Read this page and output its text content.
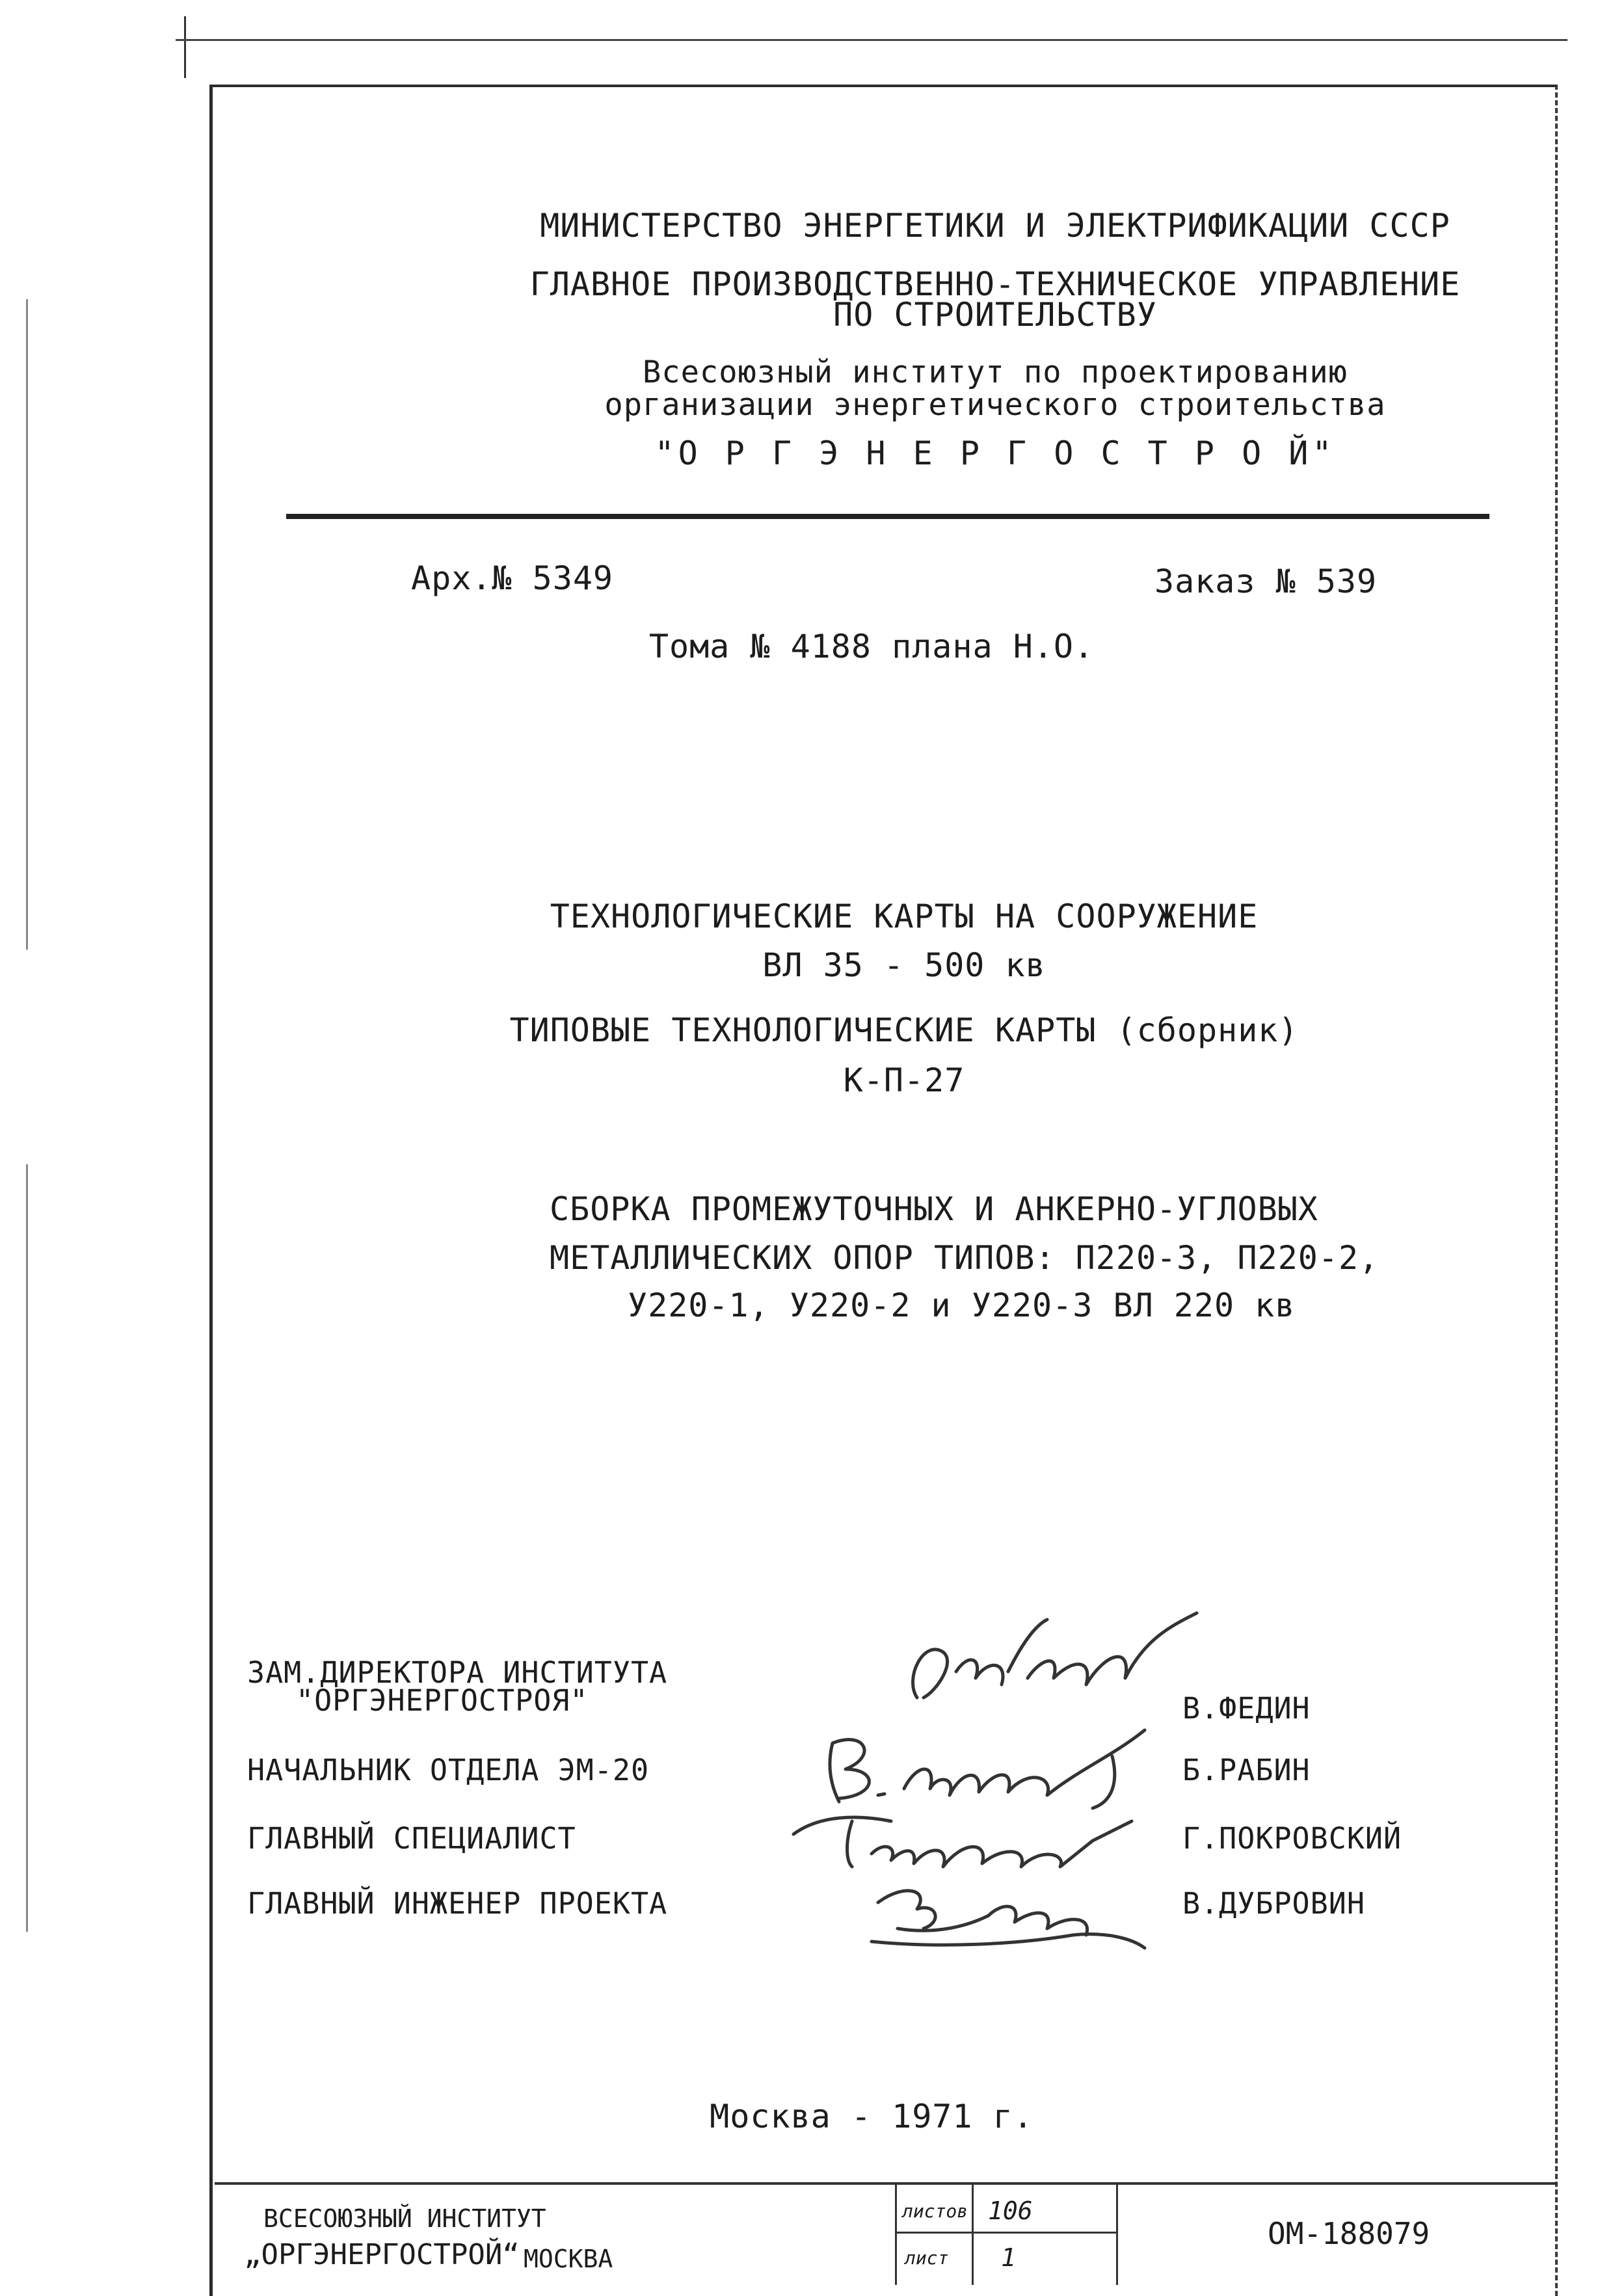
МИНИСТЕРСТВО ЭНЕРГЕТИКИ И ЭЛЕКТРИФИКАЦИИ СССР
ГЛАВНОЕ ПРОИЗВОДСТВЕННО-ТЕХНИЧЕСКОЕ УПРАВЛЕНИЕ
ПО СТРОИТЕЛЬСТВУ
Всесоюзный институт по проектированию
организации энергетического строительства
"О Р Г Э Н Е Р Г О С Т Р О Й"
Арх.№ 5349	Заказ № 539
Тома № 4188 плана Н.О.
ТЕХНОЛОГИЧЕСКИЕ КАРТЫ НА СООРУЖЕНИЕ
ВЛ 35 - 500 кв
ТИПОВЫЕ ТЕХНОЛОГИЧЕСКИЕ КАРТЫ (сборник)
К-П-27
СБОРКА ПРОМЕЖУТОЧНЫХ И АНКЕРНО-УГЛОВЫХ
МЕТАЛЛИЧЕСКИХ ОПОР ТИПОВ: П220-3, П220-2,
У220-1, У220-2 и У220-3 ВЛ 220 кв
ЗАМ.ДИРЕКТОРА ИНСТИТУТА
"ОРГЭНЕРГОСТРОЯ"	В.ФЕДИН
НАЧАЛЬНИК ОТДЕЛА ЭМ-20	Б.РАБИН
ГЛАВНЫЙ СПЕЦИАЛИСТ	Г.ПОКРОВСКИЙ
ГЛАВНЫЙ ИНЖЕНЕР ПРОЕКТА	В.ДУБРОВИН
Москва - 1971 г.
ВСЕСОЮЗНЫЙ ИНСТИТУТ
„ОРГЭНЕРГОСТРОЙ“ МОСКВА
листов 106
лист 1
ОМ-188079
